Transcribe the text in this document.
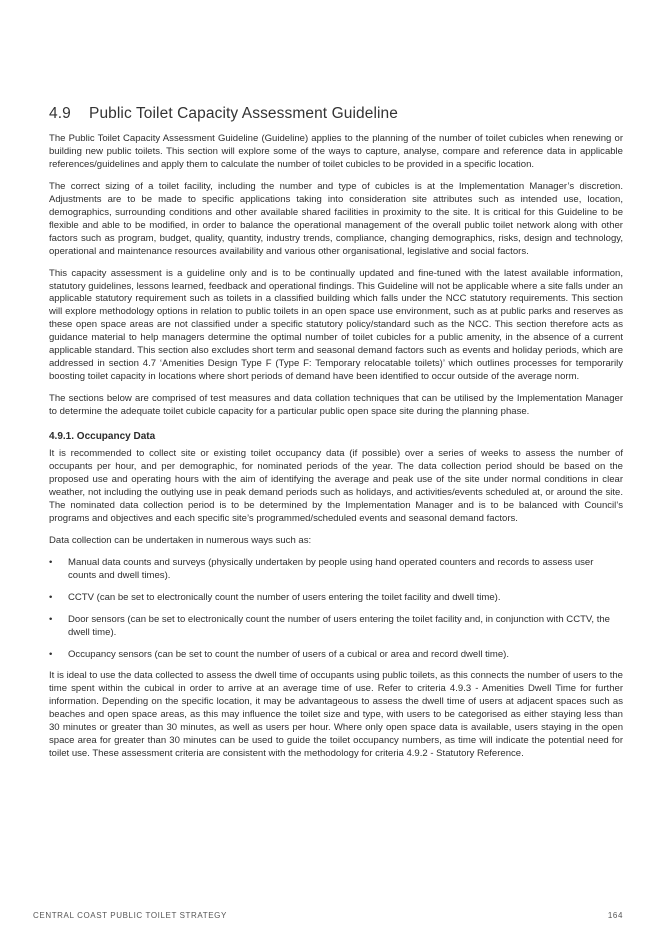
4.9 Public Toilet Capacity Assessment Guideline

The Public Toilet Capacity Assessment Guideline (Guideline) applies to the planning of the number of toilet cubicles when renewing or building new public toilets. This section will explore some of the ways to capture, analyse, compare and reference data in applicable references/guidelines and apply them to calculate the number of toilet cubicles to be provided in a specific location.

The correct sizing of a toilet facility, including the number and type of cubicles is at the Implementation Manager’s discretion. Adjustments are to be made to specific applications taking into consideration site attributes such as intended use, location, demographics, surrounding conditions and other available shared facilities in proximity to the site. It is critical for this Guideline to be flexible and able to be modified, in order to balance the operational management of the overall public toilet network along with other factors such as program, budget, quality, quantity, industry trends, compliance, changing demographics, risks, design and technology, operational and maintenance resources availability and various other organisational, legislative and social factors.

This capacity assessment is a guideline only and is to be continually updated and fine-tuned with the latest available information, statutory guidelines, lessons learned, feedback and operational findings. This Guideline will not be applicable where a site falls under an applicable statutory requirement such as toilets in a classified building which falls under the NCC statutory requirements. This section will explore methodology options in relation to public toilets in an open space use environment, such as at public parks and reserves as these open space areas are not classified under a specific statutory policy/standard such as the NCC. This section therefore acts as guidance material to help managers determine the optimal number of toilet cubicles for a public amenity, in the absence of a current applicable standard. This section also excludes short term and seasonal demand factors such as events and holiday periods, which are addressed in section 4.7 ‘Amenities Design Type F (Type F: Temporary relocatable toilets)’ which outlines processes for temporarily boosting toilet capacity in locations where short periods of demand have been identified to occur outside of the average norm.

The sections below are comprised of test measures and data collation techniques that can be utilised by the Implementation Manager to determine the adequate toilet cubicle capacity for a particular public open space site during the planning phase.

4.9.1. Occupancy Data

It is recommended to collect site or existing toilet occupancy data (if possible) over a series of weeks to assess the number of occupants per hour, and per demographic, for nominated periods of the year. The data collection period should be based on the proposed use and operating hours with the aim of identifying the average and peak use of the site under normal conditions in clear weather, not including the outlying use in peak demand periods such as holidays, and activities/events scheduled at, or around the site. The nominated data collection period is to be determined by the Implementation Manager and is to be balanced with Council’s programs and objectives and each specific site’s programmed/scheduled events and seasonal demand factors.

Data collection can be undertaken in numerous ways such as:

•	Manual data counts and surveys (physically undertaken by people using hand operated counters and records to assess user counts and dwell times).
•	CCTV (can be set to electronically count the number of users entering the toilet facility and dwell time).
•	Door sensors (can be set to electronically count the number of users entering the toilet facility and, in conjunction with CCTV, the dwell time).
•	Occupancy sensors (can be set to count the number of users of a cubical or area and record dwell time).

It is ideal to use the data collected to assess the dwell time of occupants using public toilets, as this connects the number of users to the time spent within the cubical in order to arrive at an average time of use. Refer to criteria 4.9.3 - Amenities Dwell Time for further information. Depending on the specific location, it may be advantageous to assess the dwell time of users at adjacent spaces such as beaches and open space areas, as this may influence the toilet size and type, with users to be categorised as either staying less than 30 minutes or greater than 30 minutes, as well as users per hour. Where only open space data is available, users staying in the open space area for greater than 30 minutes can be used to guide the toilet occupancy numbers, as time will indicate the potential need for toilet use. These assessment criteria are consistent with the methodology for criteria 4.9.2 - Statutory Reference.

CENTRAL COAST PUBLIC TOILET STRATEGY	164
